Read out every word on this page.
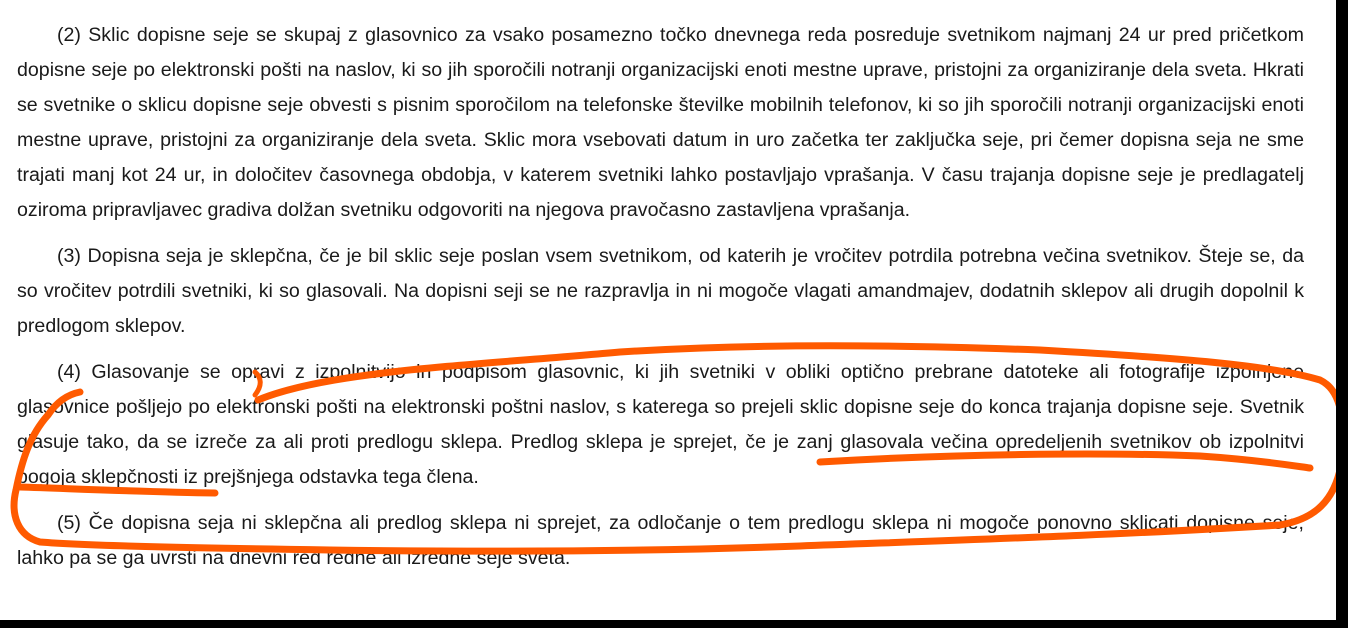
(2) Sklic dopisne seje se skupaj z glasovnico za vsako posamezno točko dnevnega reda posreduje svetnikom najmanj 24 ur pred pričetkom dopisne seje po elektronski pošti na naslov, ki so jih sporočili notranji organizacijski enoti mestne uprave, pristojni za organiziranje dela sveta. Hkrati se svetnike o sklicu dopisne seje obvesti s pisnim sporočilom na telefonske številke mobilnih telefonov, ki so jih sporočili notranji organizacijski enoti mestne uprave, pristojni za organiziranje dela sveta. Sklic mora vsebovati datum in uro začetka ter zaključka seje, pri čemer dopisna seja ne sme trajati manj kot 24 ur, in določitev časovnega obdobja, v katerem svetniki lahko postavljajo vprašanja. V času trajanja dopisne seje je predlagatelj oziroma pripravljavec gradiva dolžan svetniku odgovoriti na njegova pravočasno zastavljena vprašanja.

(3) Dopisna seja je sklepčna, če je bil sklic seje poslan vsem svetnikom, od katerih je vročitev potrdila potrebna večina svetnikov. Šteje se, da so vročitev potrdili svetniki, ki so glasovali. Na dopisni seji se ne razpravlja in ni mogoče vlagati amandmajev, dodatnih sklepov ali drugih dopolnil k predlogom sklepov.

(4) Glasovanje se opravi z izpolnitvijo in podpisom glasovnic, ki jih svetniki v obliki optično prebrane datoteke ali fotografije izpolnjene glasovnice pošljejo po elektronski pošti na elektronski poštni naslov, s katerega so prejeli sklic dopisne seje do konca trajanja dopisne seje. Svetnik glasuje tako, da se izreče za ali proti predlogu sklepa. Predlog sklepa je sprejet, če je zanj glasovala večina opredeljenih svetnikov ob izpolnitvi pogoja sklepčnosti iz prejšnjega odstavka tega člena.

(5) Če dopisna seja ni sklepčna ali predlog sklepa ni sprejet, za odločanje o tem predlogu sklepa ni mogoče ponovno sklicati dopisne seje, lahko pa se ga uvrsti na dnevni red redne ali izredne seje sveta.
